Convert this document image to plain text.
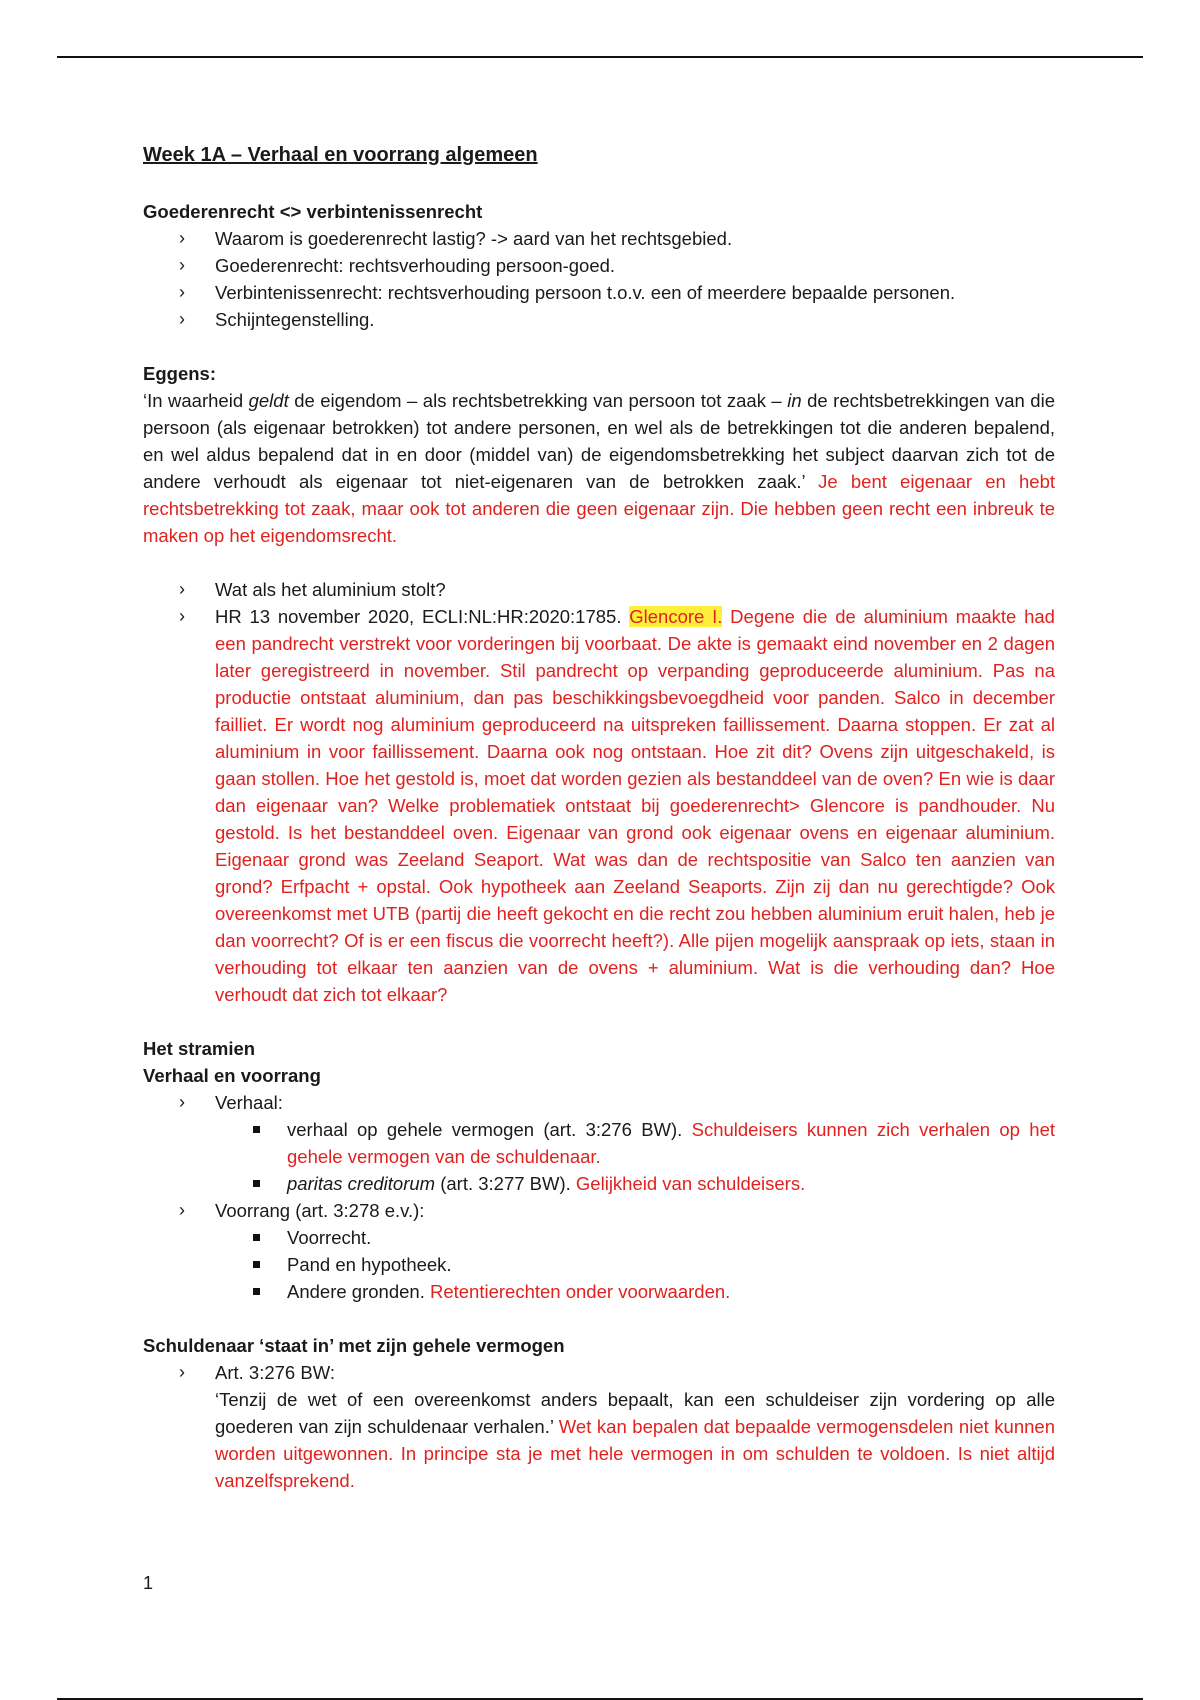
Week 1A – Verhaal en voorrang algemeen
Goederenrecht <> verbintenissenrecht
›	Waarom is goederenrecht lastig? -> aard van het rechtsgebied.
›	Goederenrecht: rechtsverhouding persoon-goed.
›	Verbintenissenrecht: rechtsverhouding persoon t.o.v. een of meerdere bepaalde personen.
›	Schijntegenstelling.
Eggens:

‘In waarheid geldt de eigendom – als rechtsbetrekking van persoon tot zaak – in de rechtsbetrekkingen van die persoon (als eigenaar betrokken) tot andere personen, en wel als de betrekkingen tot die anderen bepalend, en wel aldus bepalend dat in en door (middel van) de eigendomsbetrekking het subject daarvan zich tot de andere verhoudt als eigenaar tot niet-eigenaren van de betrokken zaak.’ Je bent eigenaar en hebt rechtsbetrekking tot zaak, maar ook tot anderen die geen eigenaar zijn. Die hebben geen recht een inbreuk te maken op het eigendomsrecht.

›	Wat als het aluminium stolt?
›	HR 13 november 2020, ECLI:NL:HR:2020:1785. Glencore I. Degene die de aluminium maakte had een pandrecht verstrekt voor vorderingen bij voorbaat. De akte is gemaakt eind november en 2 dagen later geregistreerd in november. Stil pandrecht op verpanding geproduceerde aluminium. Pas na productie ontstaat aluminium, dan pas beschikkingsbevoegdheid voor panden. Salco in december failliet. Er wordt nog aluminium geproduceerd na uitspreken faillissement. Daarna stoppen. Er zat al aluminium in voor faillissement. Daarna ook nog ontstaan. Hoe zit dit? Ovens zijn uitgeschakeld, is gaan stollen. Hoe het gestold is, moet dat worden gezien als bestanddeel van de oven? En wie is daar dan eigenaar van? Welke problematiek ontstaat bij goederenrecht> Glencore is pandhouder. Nu gestold. Is het bestanddeel oven. Eigenaar van grond ook eigenaar ovens en eigenaar aluminium. Eigenaar grond was Zeeland Seaport. Wat was dan de rechtspositie van Salco ten aanzien van grond? Erfpacht + opstal. Ook hypotheek aan Zeeland Seaports. Zijn zij dan nu gerechtigde? Ook overeenkomst met UTB (partij die heeft gekocht en die recht zou hebben aluminium eruit halen, heb je dan voorrecht? Of is er een fiscus die voorrecht heeft?). Alle pijen mogelijk aanspraak op iets, staan in verhouding tot elkaar ten aanzien van de ovens + aluminium. Wat is die verhouding dan? Hoe verhoudt dat zich tot elkaar?
Het stramien
Verhaal en voorrang
›	Verhaal:
verhaal op gehele vermogen (art. 3:276 BW). Schuldeisers kunnen zich verhalen op het gehele vermogen van de schuldenaar.
paritas creditorum (art. 3:277 BW). Gelijkheid van schuldeisers.
›	Voorrang (art. 3:278 e.v.):
Voorrecht.
Pand en hypotheek.
Andere gronden. Retentierechten onder voorwaarden.
Schuldenaar ‘staat in’ met zijn gehele vermogen
›	Art. 3:276 BW:

‘Tenzij de wet of een overeenkomst anders bepaalt, kan een schuldeiser zijn vordering op alle goederen van zijn schuldenaar verhalen.’ Wet kan bepalen dat bepaalde vermogensdelen niet kunnen worden uitgewonnen. In principe sta je met hele vermogen in om schulden te voldoen. Is niet altijd vanzelfsprekend.
1
